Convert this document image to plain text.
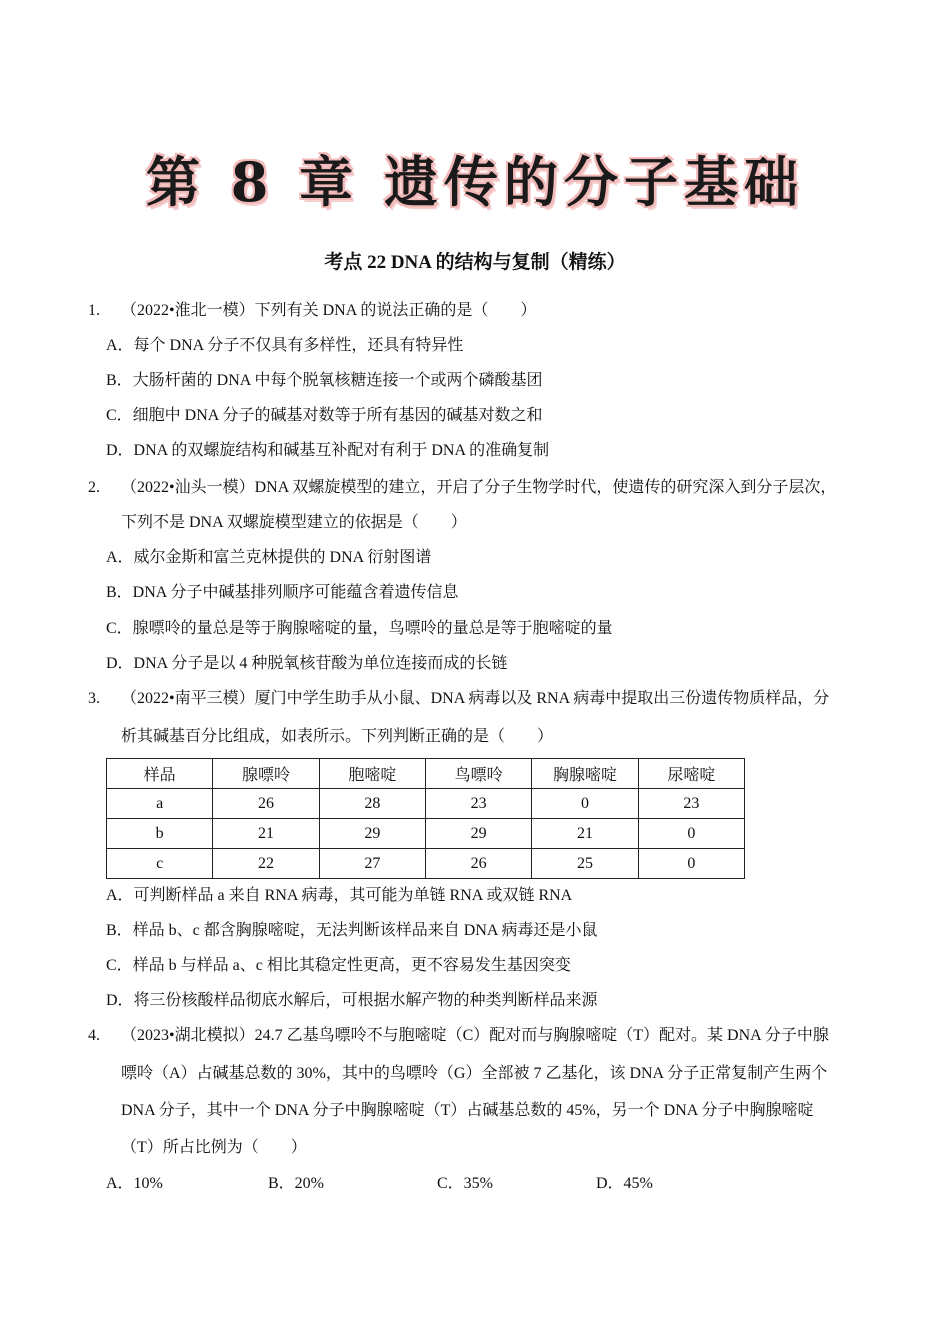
第 8 章 遗传的分子基础
考点 22 DNA 的结构与复制（精练）
1. （2022•淮北一模）下列有关 DNA 的说法正确的是（　　）
A．每个 DNA 分子不仅具有多样性，还具有特异性
B．大肠杆菌的 DNA 中每个脱氧核糖连接一个或两个磷酸基团
C．细胞中 DNA 分子的碱基对数等于所有基因的碱基对数之和
D．DNA 的双螺旋结构和碱基互补配对有利于 DNA 的准确复制
2. （2022•汕头一模）DNA 双螺旋模型的建立，开启了分子生物学时代，使遗传的研究深入到分子层次，
下列不是 DNA 双螺旋模型建立的依据是（　　）
A．威尔金斯和富兰克林提供的 DNA 衍射图谱
B．DNA 分子中碱基排列顺序可能蕴含着遗传信息
C．腺嘌呤的量总是等于胸腺嘧啶的量，鸟嘌呤的量总是等于胞嘧啶的量
D．DNA 分子是以 4 种脱氧核苷酸为单位连接而成的长链
3. （2022•南平三模）厦门中学生助手从小鼠、DNA 病毒以及 RNA 病毒中提取出三份遗传物质样品，分
析其碱基百分比组成，如表所示。下列判断正确的是（　　）
样品	腺嘌呤	胞嘧啶	鸟嘌呤	胸腺嘧啶	尿嘧啶
a	26	28	23	0	23
b	21	29	29	21	0
c	22	27	26	25	0
A．可判断样品 a 来自 RNA 病毒，其可能为单链 RNA 或双链 RNA
B．样品 b、c 都含胸腺嘧啶，无法判断该样品来自 DNA 病毒还是小鼠
C．样品 b 与样品 a、c 相比其稳定性更高，更不容易发生基因突变
D．将三份核酸样品彻底水解后，可根据水解产物的种类判断样品来源
4. （2023•湖北模拟）24.7 乙基鸟嘌呤不与胞嘧啶（C）配对而与胸腺嘧啶（T）配对。某 DNA 分子中腺
嘌呤（A）占碱基总数的 30%，其中的鸟嘌呤（G）全部被 7 乙基化，该 DNA 分子正常复制产生两个
DNA 分子，其中一个 DNA 分子中胸腺嘧啶（T）占碱基总数的 45%，另一个 DNA 分子中胸腺嘧啶
（T）所占比例为（　　）
A．10%	B．20%	C．35%	D．45%
